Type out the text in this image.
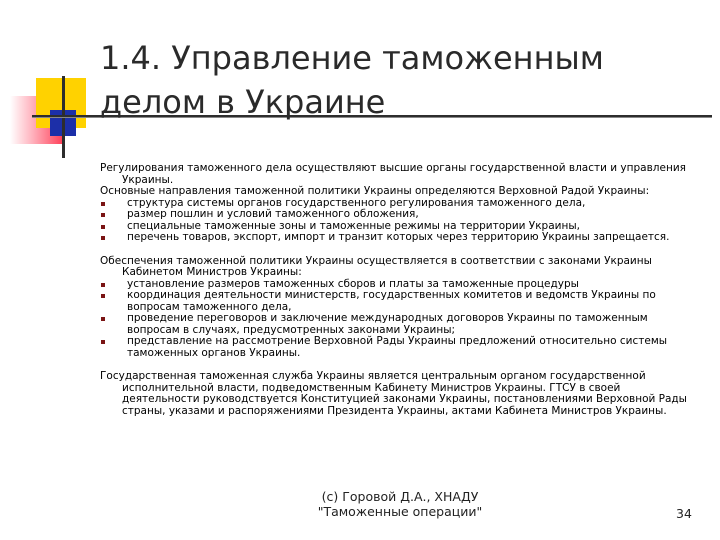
1.4. Управление таможенным делом в Украине

Регулирования таможенного дела осуществляют высшие органы государственной власти и управления Украины.

Основные направления таможенной политики Украины определяются Верховной Радой Украины:

структура системы органов государственного регулирования таможенного дела,
размер пошлин и условий таможенного обложения,
специальные таможенные зоны и таможенные режимы на территории Украины,
перечень товаров, экспорт, импорт и транзит которых через территорию Украины запрещается.

Обеспечения таможенной политики Украины осуществляется в соответствии с законами Украины Кабинетом Министров Украины:

установление размеров таможенных сборов и платы за таможенные процедуры
координация деятельности министерств, государственных комитетов и ведомств Украины по вопросам таможенного дела,
проведение переговоров и заключение международных договоров Украины по таможенным вопросам в случаях, предусмотренных законами Украины;
представление на рассмотрение Верховной Рады Украины предложений относительно системы таможенных органов Украины.

Государственная таможенная служба Украины является центральным органом государственной исполнительной власти, подведомственным Кабинету Министров Украины. ГТСУ в своей деятельности руководствуется Конституцией законами Украины, постановлениями Верховной Рады страны, указами и распоряжениями Президента Украины, актами Кабинета Министров Украины.

(c) Горовой Д.А., ХНАДУ
"Таможенные операции"	34
